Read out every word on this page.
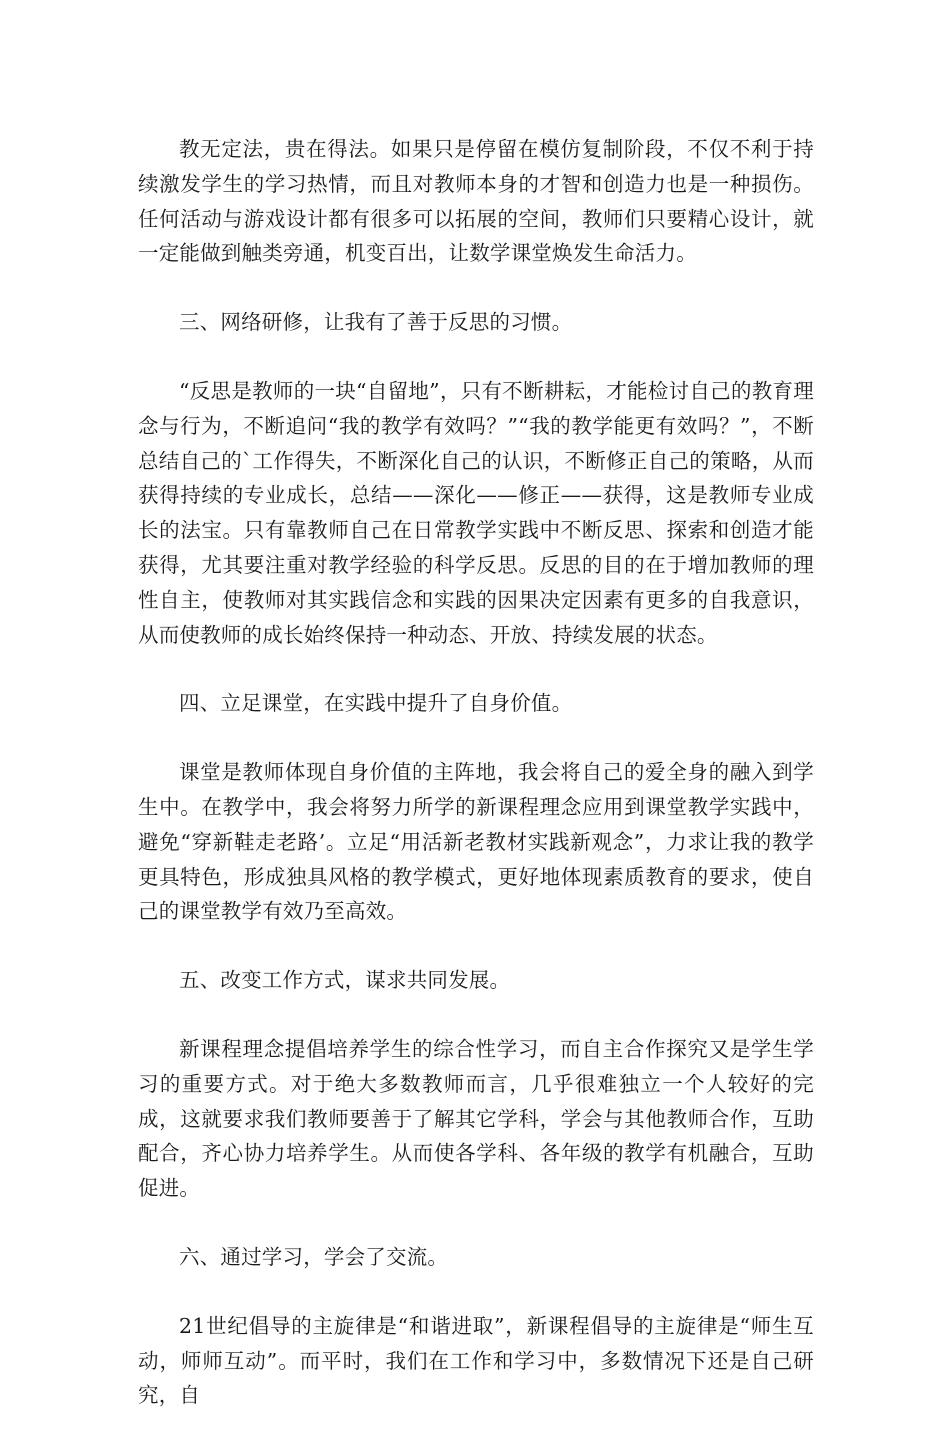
教无定法，贵在得法。如果只是停留在模仿复制阶段，不仅不利于持续激发学生的学习热情，而且对教师本身的才智和创造力也是一种损伤。任何活动与游戏设计都有很多可以拓展的空间，教师们只要精心设计，就一定能做到触类旁通，机变百出，让数学课堂焕发生命活力。

三、网络研修，让我有了善于反思的习惯。

“反思是教师的一块“自留地”，只有不断耕耘，才能检讨自己的教育理念与行为，不断追问“我的教学有效吗？”“我的教学能更有效吗？”，不断总结自己的`工作得失，不断深化自己的认识，不断修正自己的策略，从而获得持续的专业成长，总结——深化——修正——获得，这是教师专业成长的法宝。只有靠教师自己在日常教学实践中不断反思、探索和创造才能获得，尤其要注重对教学经验的科学反思。反思的目的在于增加教师的理性自主，使教师对其实践信念和实践的因果决定因素有更多的自我意识，从而使教师的成长始终保持一种动态、开放、持续发展的状态。

四、立足课堂，在实践中提升了自身价值。

课堂是教师体现自身价值的主阵地，我会将自己的爱全身的融入到学生中。在教学中，我会将努力所学的新课程理念应用到课堂教学实践中，避免“穿新鞋走老路’。立足“用活新老教材实践新观念”，力求让我的教学更具特色，形成独具风格的教学模式，更好地体现素质教育的要求，使自己的课堂教学有效乃至高效。

五、改变工作方式，谋求共同发展。

新课程理念提倡培养学生的综合性学习，而自主合作探究又是学生学习的重要方式。对于绝大多数教师而言，几乎很难独立一个人较好的完成，这就要求我们教师要善于了解其它学科，学会与其他教师合作，互助配合，齐心协力培养学生。从而使各学科、各年级的教学有机融合，互助促进。

六、通过学习，学会了交流。

21世纪倡导的主旋律是“和谐进取”，新课程倡导的主旋律是“师生互动，师师互动”。而平时，我们在工作和学习中，多数情况下还是自己研究，自
